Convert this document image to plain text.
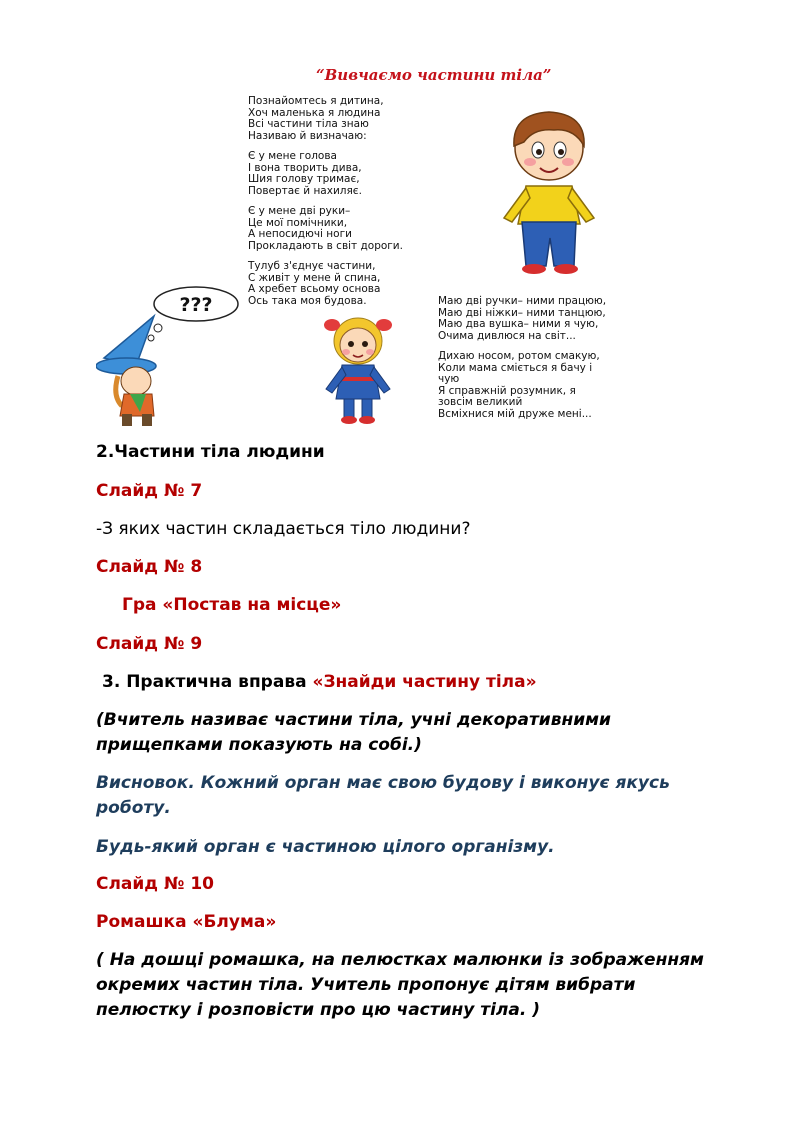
“Вивчаємо частини тіла”
Познайомтесь я дитина,
Хоч маленька я людина
Всі частини тіла знаю
Називаю й визначаю:
Є у мене голова
І вона творить дива,
Шия голову тримає,
Повертає й нахиляє.
Є у мене дві руки–
Це мої помічники,
А непосидючі ноги
Прокладають в світ дороги.
Тулуб з'єднує частини,
С живіт у мене й спина,
А хребет всьому основа
Ось така моя будова.	Маю дві ручки– ними працюю,
Маю дві ніжки– ними танцюю,
Маю два вушка– ними я чую,
Очима дивлюся на світ...
Дихаю носом, ротом смакую,
Коли мама сміється я бачу і
чую
Я справжній розумник, я
зовсім великий
Всміхнися мій друже мені...
???
2.Частини тіла людини
Слайд № 7
-З яких частин складається тіло людини?
Слайд № 8
Гра «Постав на місце»
Слайд № 9
3. Практична вправа «Знайди частину тіла»
(Вчитель називає частини тіла, учні декоративними прищепками показують на собі.)
Висновок. Кожний орган має свою будову і виконує якусь роботу.
Будь-який орган є частиною цілого організму.
Слайд № 10
Ромашка «Блума»
( На дошці ромашка, на пелюстках малюнки із зображенням окремих частин тіла. Учитель пропонує дітям вибрати пелюстку і розповісти про цю частину тіла. )
